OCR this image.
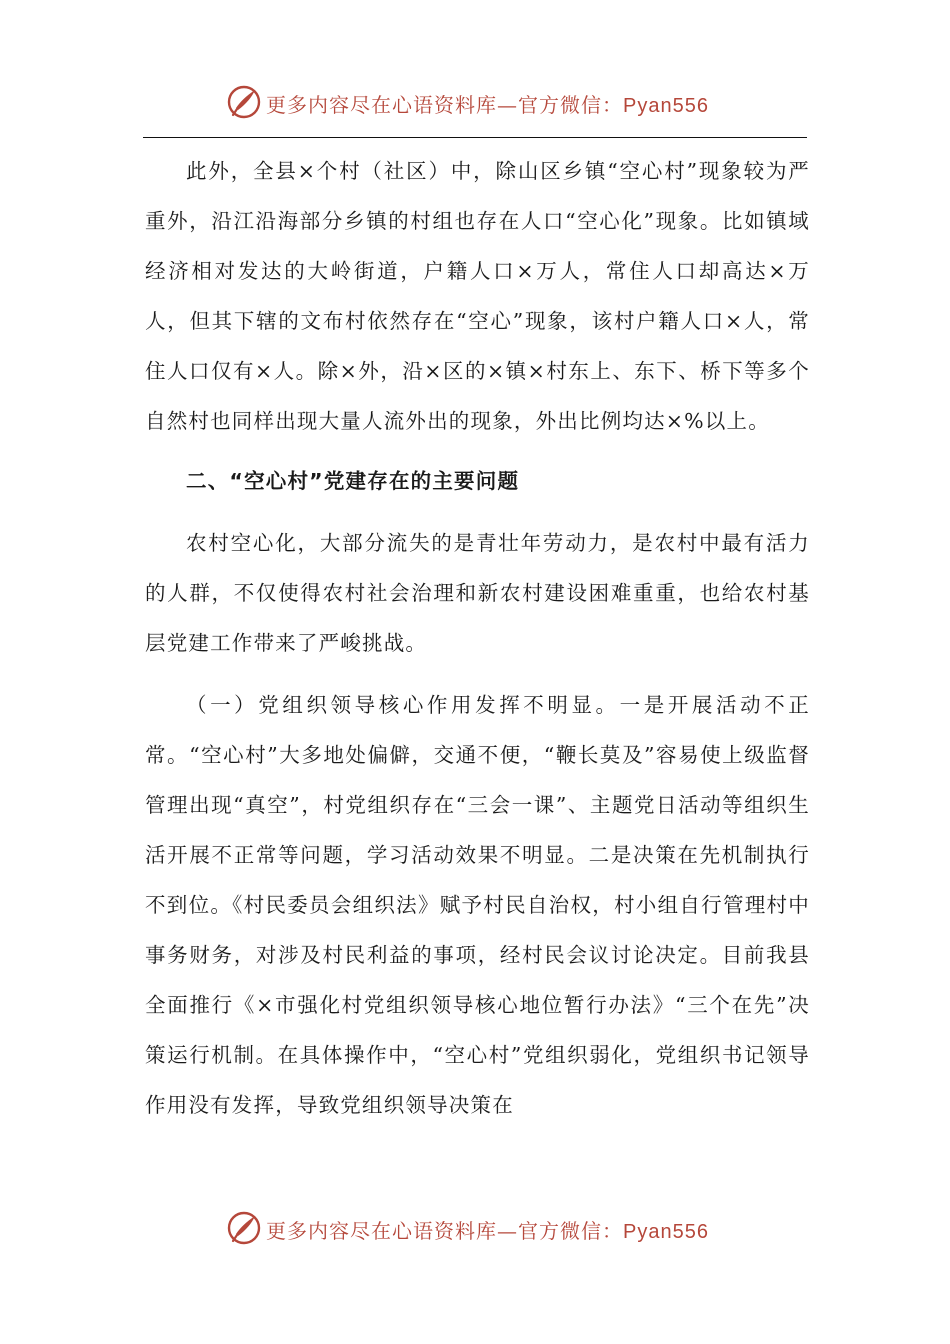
更多内容尽在心语资料库—官方微信：Pyan556

此外，全县×个村（社区）中，除山区乡镇“空心村”现象较为严重外，沿江沿海部分乡镇的村组也存在人口“空心化”现象。比如镇域经济相对发达的大岭街道，户籍人口×万人，常住人口却高达×万人，但其下辖的文布村依然存在“空心”现象，该村户籍人口×人，常住人口仅有×人。除×外，沿×区的×镇×村东上、东下、桥下等多个自然村也同样出现大量人流外出的现象，外出比例均达×%以上。

二、“空心村”党建存在的主要问题

农村空心化，大部分流失的是青壮年劳动力，是农村中最有活力的人群，不仅使得农村社会治理和新农村建设困难重重，也给农村基层党建工作带来了严峻挑战。

（一）党组织领导核心作用发挥不明显。一是开展活动不正常。“空心村”大多地处偏僻，交通不便，“鞭长莫及”容易使上级监督管理出现“真空”，村党组织存在“三会一课”、主题党日活动等组织生活开展不正常等问题，学习活动效果不明显。二是决策在先机制执行不到位。《村民委员会组织法》赋予村民自治权，村小组自行管理村中事务财务，对涉及村民利益的事项，经村民会议讨论决定。目前我县全面推行《×市强化村党组织领导核心地位暂行办法》“三个在先”决策运行机制。在具体操作中，“空心村”党组织弱化，党组织书记领导作用没有发挥，导致党组织领导决策在

更多内容尽在心语资料库—官方微信：Pyan556
